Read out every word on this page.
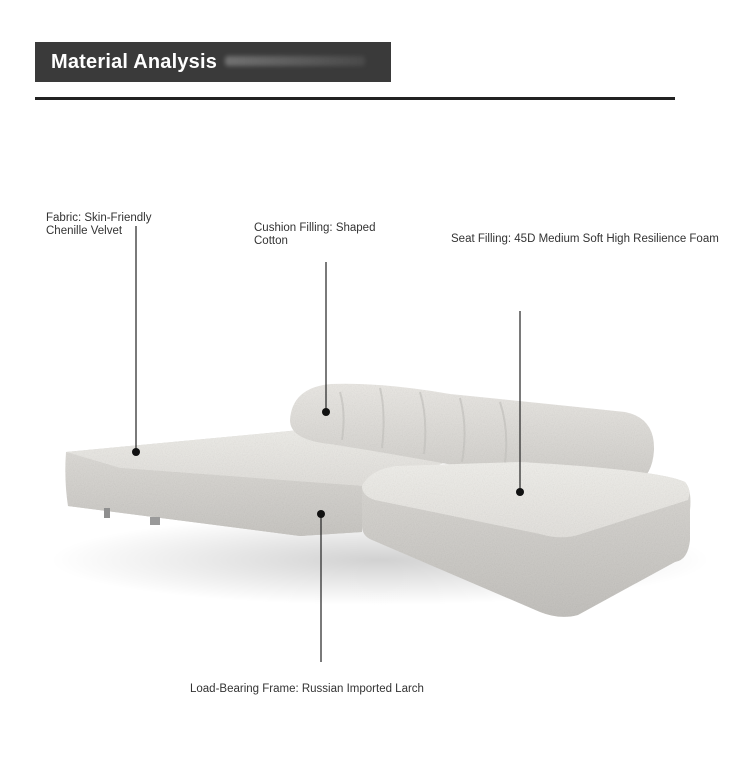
Material Analysis
Fabric: Skin-Friendly
Chenille Velvet	Cushion Filling: Shaped
Cotton	Seat Filling: 45D Medium Soft High Resilience Foam
Load-Bearing Frame: Russian Imported Larch
